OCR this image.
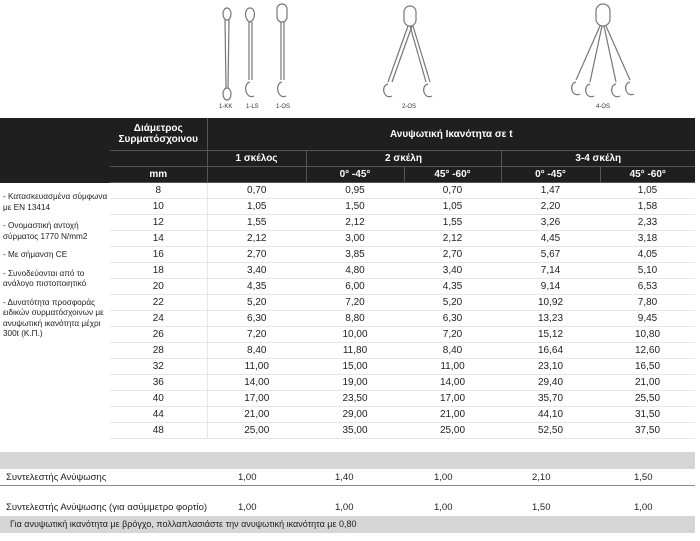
1-KK 1-LS	1-OS	2-OS	4-OS
- Κατασκευασμένα σύμφωνα με EN 13414
- Ονομαστική αντοχή σύρματος 1770 N/mm2
- Με σήμανση CE
- Συνοδεύονται από το ανάλογο πιστοποιητικό
- Δυνατότητα προσφοράς ειδικών συρματόσχοινων με ανυψωτική ικανότητα μέχρι 300t (Κ.Π.)
Διάμετρος Συρματόσχοινου	Ανυψωτική Ικανότητα σε t				
	1 σκέλος	2 σκέλη		3-4 σκέλη	
mm		0° -45°	45° -60°	0° -45°	45° -60°
8	0,70	0,95	0,70	1,47	1,05
10	1,05	1,50	1,05	2,20	1,58
12	1,55	2,12	1,55	3,26	2,33
14	2,12	3,00	2,12	4,45	3,18
16	2,70	3,85	2,70	5,67	4,05
18	3,40	4,80	3,40	7,14	5,10
20	4,35	6,00	4,35	9,14	6,53
22	5,20	7,20	5,20	10,92	7,80
24	6,30	8,80	6,30	13,23	9,45
26	7,20	10,00	7,20	15,12	10,80
28	8,40	11,80	8,40	16,64	12,60
32	11,00	15,00	11,00	23,10	16,50
36	14,00	19,00	14,00	29,40	21,00
40	17,00	23,50	17,00	35,70	25,50
44	21,00	29,00	21,00	44,10	31,50
48	25,00	35,00	25,00	52,50	37,50
Συντελεστής Ανύψωσης	1,00	1,40	1,00	2,10	1,50
Συντελεστής Ανύψωσης (για ασύμμετρο φορτίο)	1,00	1,00	1,00	1,50	1,00
Για ανυψωτική ικανότητα με βρόγχο, πολλαπλασιάστε την ανυψωτική ικανότητα με 0,80
